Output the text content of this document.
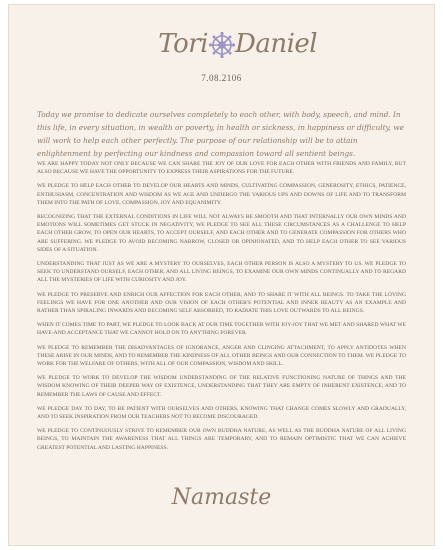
Tori Daniel
7.08.2106

Today we promise to dedicate ourselves completely to each other, with body, speech, and mind. In this life, in every situation, in wealth or poverty, in health or sickness, in happiness or difficulty, we will work to help each other perfectly. The purpose of our relationship will be to attain enlightenment by perfecting our kindness and compassion toward all sentient beings.

WE ARE HAPPY TODAY NOT ONLY BECAUSE WE CAN SHARE THE JOY OF OUR LOVE FOR EACH OTHER WITH FRIENDS AND FAMILY, BUT ALSO BECAUSE WE HAVE THE OPPORTUNITY TO EXPRESS THEIR ASPIRATIONS FOR THE FUTURE.

WE PLEDGE TO HELP EACH OTHER TO DEVELOP OUR HEARTS AND MINDS, CULTIVATING COMPASSION, GENEROSITY, ETHICS, PATIENCE, ENTHUSIASM, CONCENTRATION AND WISDOM AS WE AGE AND UNDERGO THE VARIOUS UPS AND DOWNS OF LIFE AND TO TRANSFORM THEM INTO THE PATH OF LOVE, COMPASSION, JOY AND EQUANIMITY.

RECOGNIZING THAT THE EXTERNAL CONDITIONS IN LIFE WILL NOT ALWAYS BE SMOOTH AND THAT INTERNALLY OUR OWN MINDS AND EMOTIONS WILL SOMETIMES GET STUCK IN NEGATIVITY, WE PLEDGE TO SEE ALL THESE CIRCUMSTANCES AS A CHALLENGE TO HELP EACH OTHER GROW, TO OPEN OUR HEARTS, TO ACCEPT OURSELF, AND EACH OTHER AND TO GENERATE COMPASSION FOR OTHERS WHO ARE SUFFERING. WE PLEDGE TO AVOID BECOMING NARROW, CLOSED OR OPINIONATED, AND TO HELP EACH OTHER TO SEE VARIOUS SIDES OF A SITUATION.

UNDERSTANDING THAT JUST AS WE ARE A MYSTERY TO OURSELVES, EACH OTHER PERSON IS ALSO A MYSTERY TO US. WE PLEDGE TO SEEK TO UNDERSTAND OURSELF, EACH OTHER, AND ALL LIVING BEINGS, TO EXAMINE OUR OWN MINDS CONTINUALLY AND TO REGARD ALL THE MYSTERIES OF LIFE WITH CURIOSITY AND JOY.

WE PLEDGE TO PRESERVE AND ENRICH OUR AFFECTION FOR EACH OTHER, AND TO SHARE IT WITH ALL BEINGS. TO TAKE THE LOVING FEELINGS WE HAVE FOR ONE ANOTHER AND OUR VISION OF EACH OTHER'S POTENTIAL AND INNER BEAUTY AS AN EXAMPLE AND RATHER THAN SPIRALING INWARDS AND BECOMING SELF ABSORBED, TO RADIATE THIS LOVE OUTWARDS TO ALL BEINGS.

WHEN IT COMES TIME TO PART, WE PLEDGE TO LOOK BACK AT OUR TIME TOGETHER WITH JOY-JOY THAT WE MET AND SHARED WHAT WE HAVE-AND ACCEPTANCE THAT WE CANNOT HOLD ON TO ANYTHING FOREVER.

WE PLEDGE TO REMEMBER THE DISADVANTAGES OF IGNORANCE, ANGER AND CLINGING ATTACHMENT, TO APPLY ANTIDOTES WHEN THESE ARISE IN OUR MINDS, AND TO REMEMBER THE KINDNESS OF ALL OTHER BEINGS AND OUR CONNECTION TO THEM. WE PLEDGE TO WORK FOR THE WELFARE OF OTHERS, WITH ALL OF OUR COMPASSION, WISDOM AND SKILL.

WE PLEDGE TO WORK TO DEVELOP THE WISDOM UNDERSTANDING OF THE RELATIVE FUNCTIONING NATURE OF THINGS AND THE WISDOM KNOWING OF THEIR DEEPER WAY OF EXISTENCE, UNDERSTANDING THAT THEY ARE EMPTY OF INHERENT EXISTENCE, AND TO REMEMBER THE LAWS OF CAUSE AND EFFECT.

WE PLEDGE DAY TO DAY, TO BE PATIENT WITH OURSELVES AND OTHERS, KNOWING THAT CHANGE COMES SLOWLY AND GRADUALLY, AND TO SEEK INSPIRATION FROM OUR TEACHERS NOT TO BECOME DISCOURAGED.

WE PLEDGE TO CONTINUOUSLY STRIVE TO REMEMBER OUR OWN BUDDHA NATURE, AS WELL AS THE BUDDHA NATURE OF ALL LIVING BEINGS, TO MAINTAIN THE AWARENESS THAT ALL THINGS ARE TEMPORARY, AND TO REMAIN OPTIMISTIC THAT WE CAN ACHIEVE GREATEST POTENTIAL AND LASTING HAPPINESS.

Namaste
